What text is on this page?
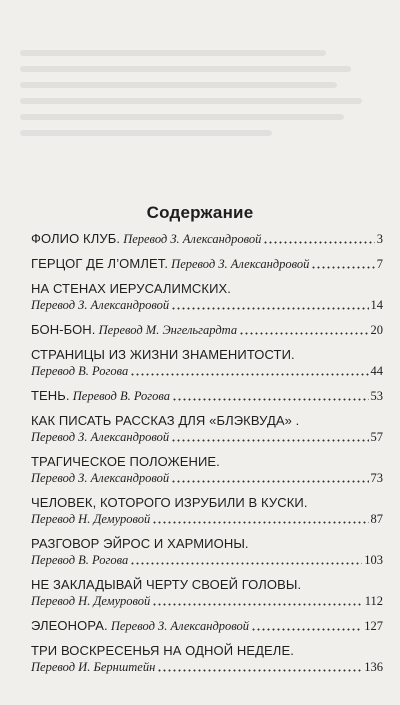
Содержание
ФОЛИО КЛУБ.
Перевод З. Александровой	3
ГЕРЦОГ ДЕ Л’ОМЛЕТ.
Перевод З. Александровой	7
НА СТЕНАХ ИЕРУСАЛИМСКИХ.
Перевод З. Александровой	14
БОН-БОН.
Перевод М. Энгельгардта	20
СТРАНИЦЫ ИЗ ЖИЗНИ ЗНАМЕНИТОСТИ.
Перевод В. Рогова	44
ТЕНЬ.
Перевод В. Рогова	53
КАК ПИСАТЬ РАССКАЗ ДЛЯ «БЛЭКВУДА» .
Перевод З. Александровой	57
ТРАГИЧЕСКОЕ ПОЛОЖЕНИЕ.
Перевод З. Александровой	73
ЧЕЛОВЕК, КОТОРОГО ИЗРУБИЛИ В КУСКИ.
Перевод Н. Демуровой	87
РАЗГОВОР ЭЙРОС И ХАРМИОНЫ.
Перевод В. Рогова	103
НЕ ЗАКЛАДЫВАЙ ЧЕРТУ СВОЕЙ ГОЛОВЫ.
Перевод Н. Демуровой	112
ЭЛЕОНОРА.
Перевод З. Александровой	127
ТРИ ВОСКРЕСЕНЬЯ НА ОДНОЙ НЕДЕЛЕ.
Перевод И. Бернштейн	136
